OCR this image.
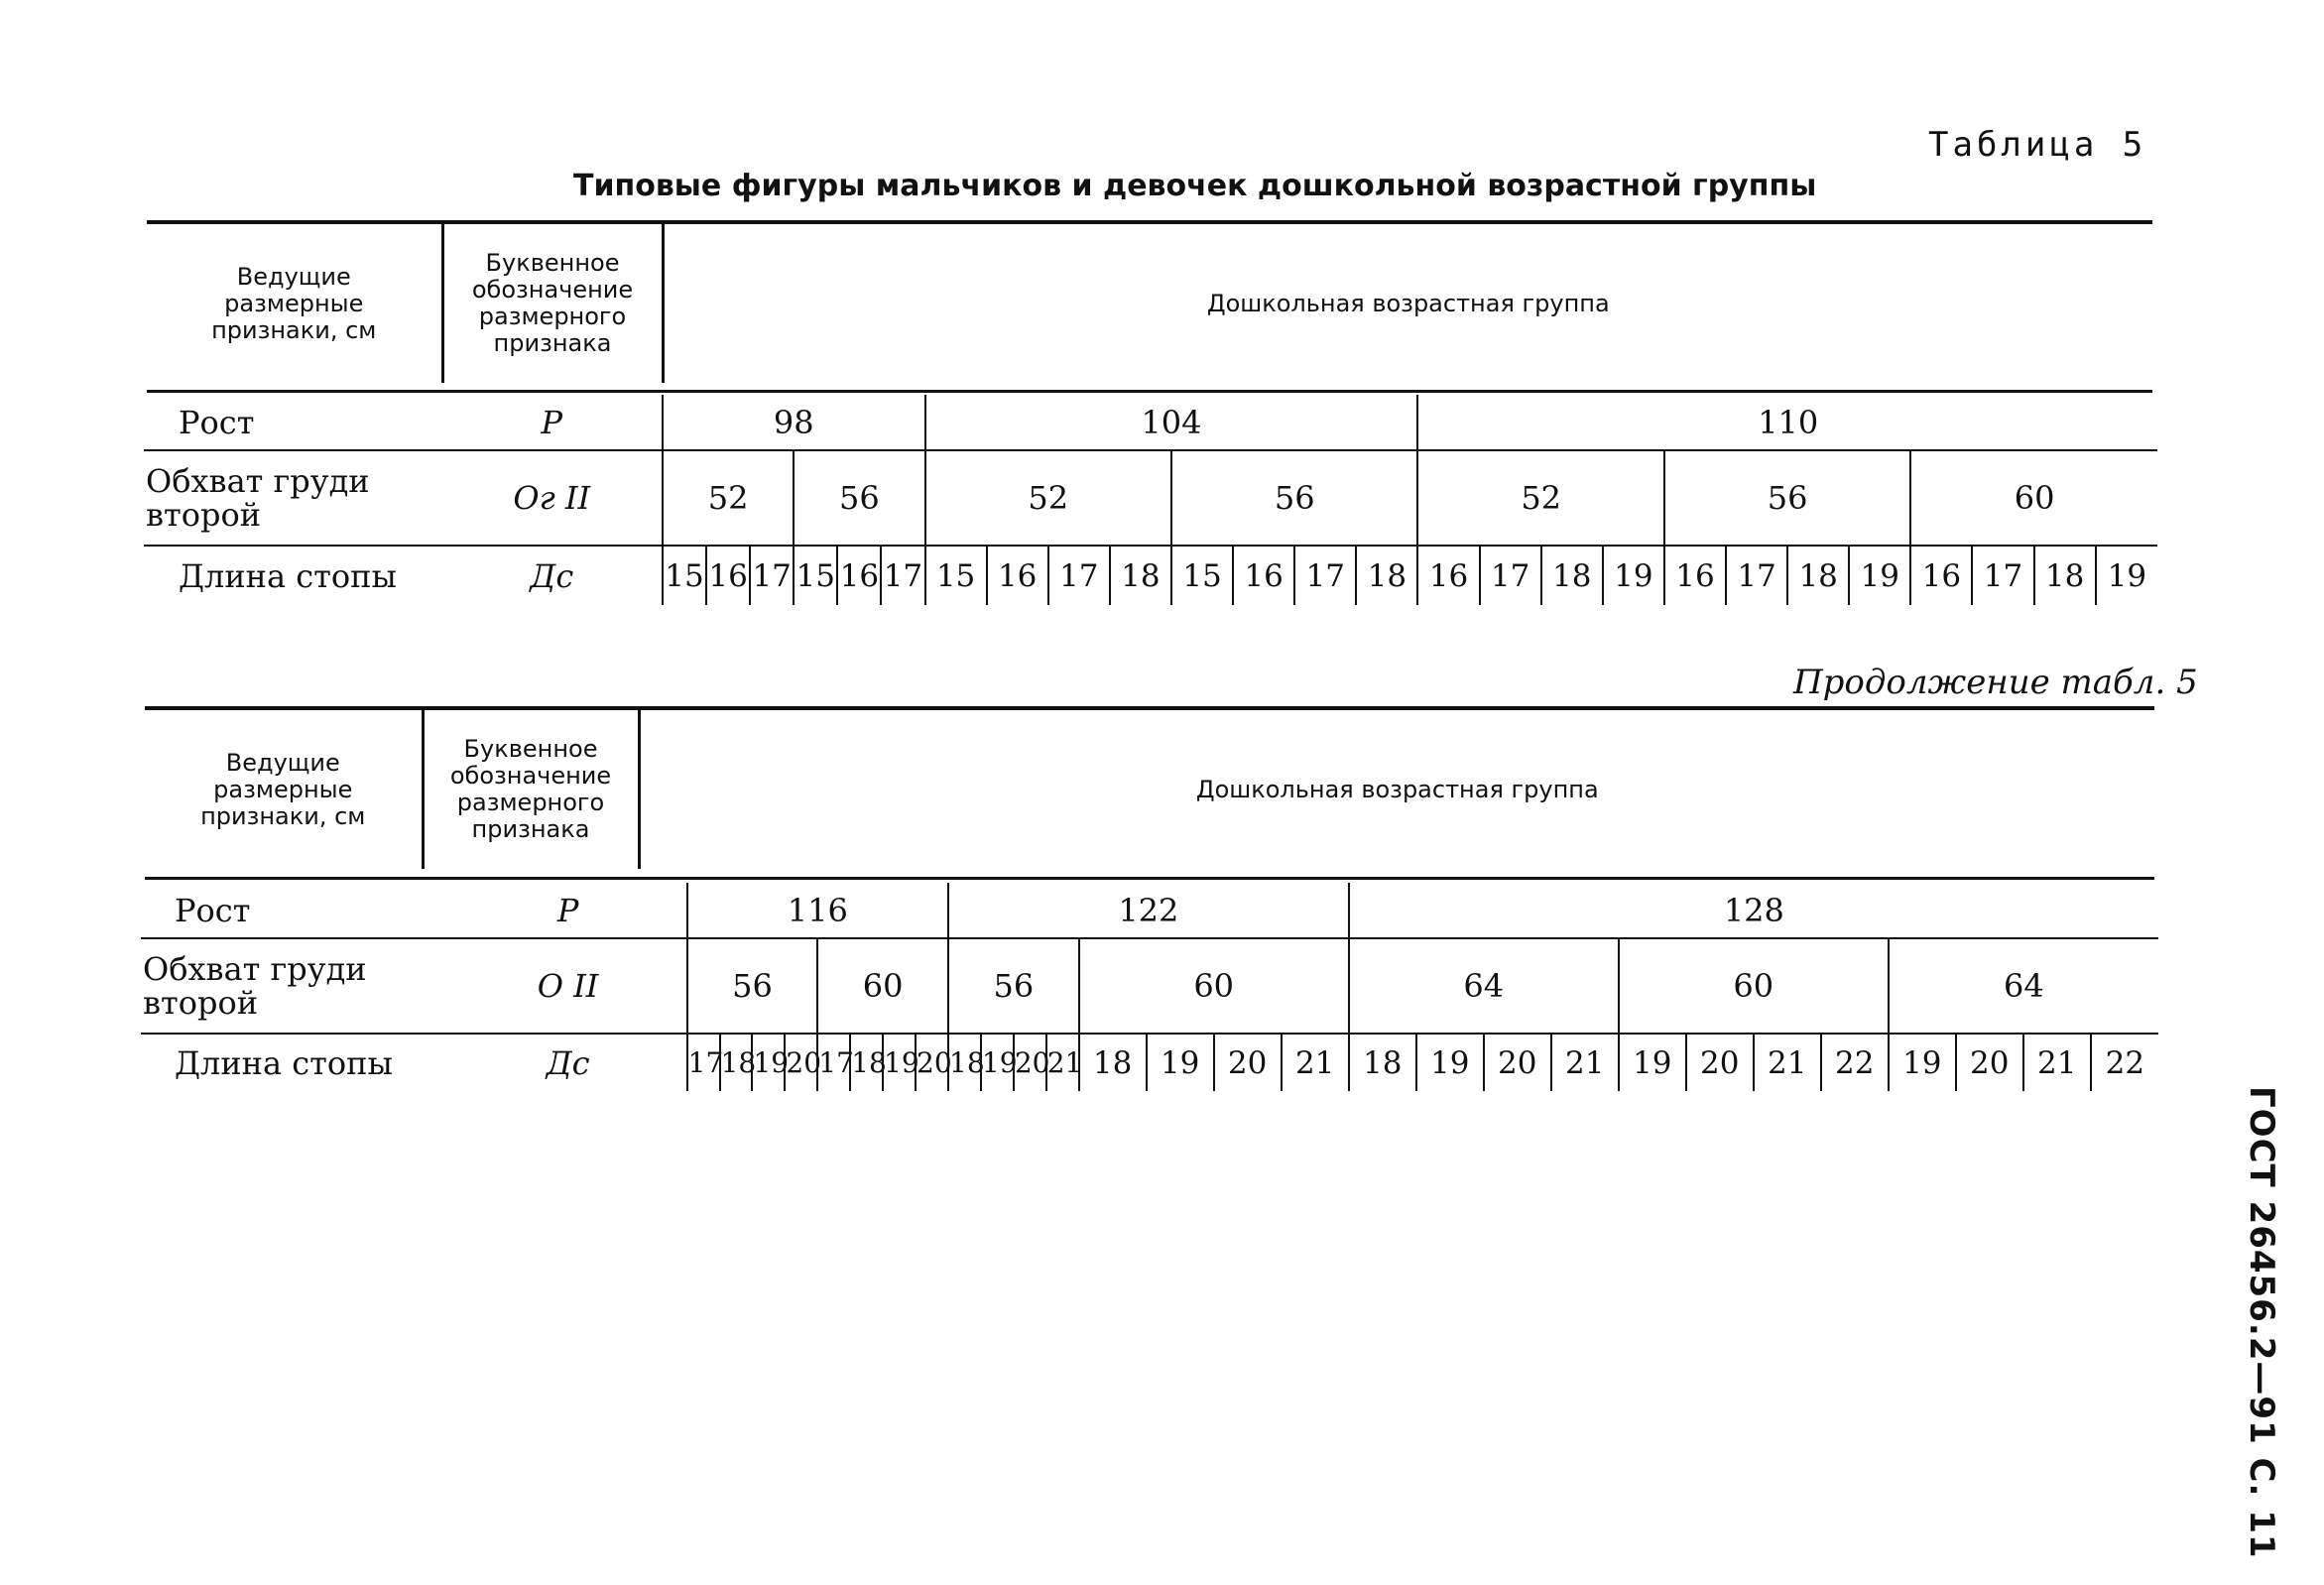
Таблица 5
Типовые фигуры мальчиков и девочек дошкольной возрастной группы
Ведущие размерные признаки, см	Буквенное обозначение размерного признака	Дошкольная возрастная группа
Рост	Р	98						104								110											
Обхват груди второй	Ог II	52			56			52				56				52				56				60			
Длина стопы	Дс	15	16	17	15	16	17	15	16	17	18	15	16	17	18	16	17	18	19	16	17	18	19	16	17	18	19
Продолжение табл. 5
Ведущие размерные признаки, см	Буквенное обозначение размерного признака	Дошкольная возрастная группа
Рост	Р	116								122								128											
Обхват груди второй	О II	56				60				56				60				64				60				64			
Длина стопы	Дс	17	18	19	20	17	18	19	20	18	19	20	21	18	19	20	21	18	19	20	21	19	20	21	22	19	20	21	22
ГОСТ 26456.2—91 С. 11
